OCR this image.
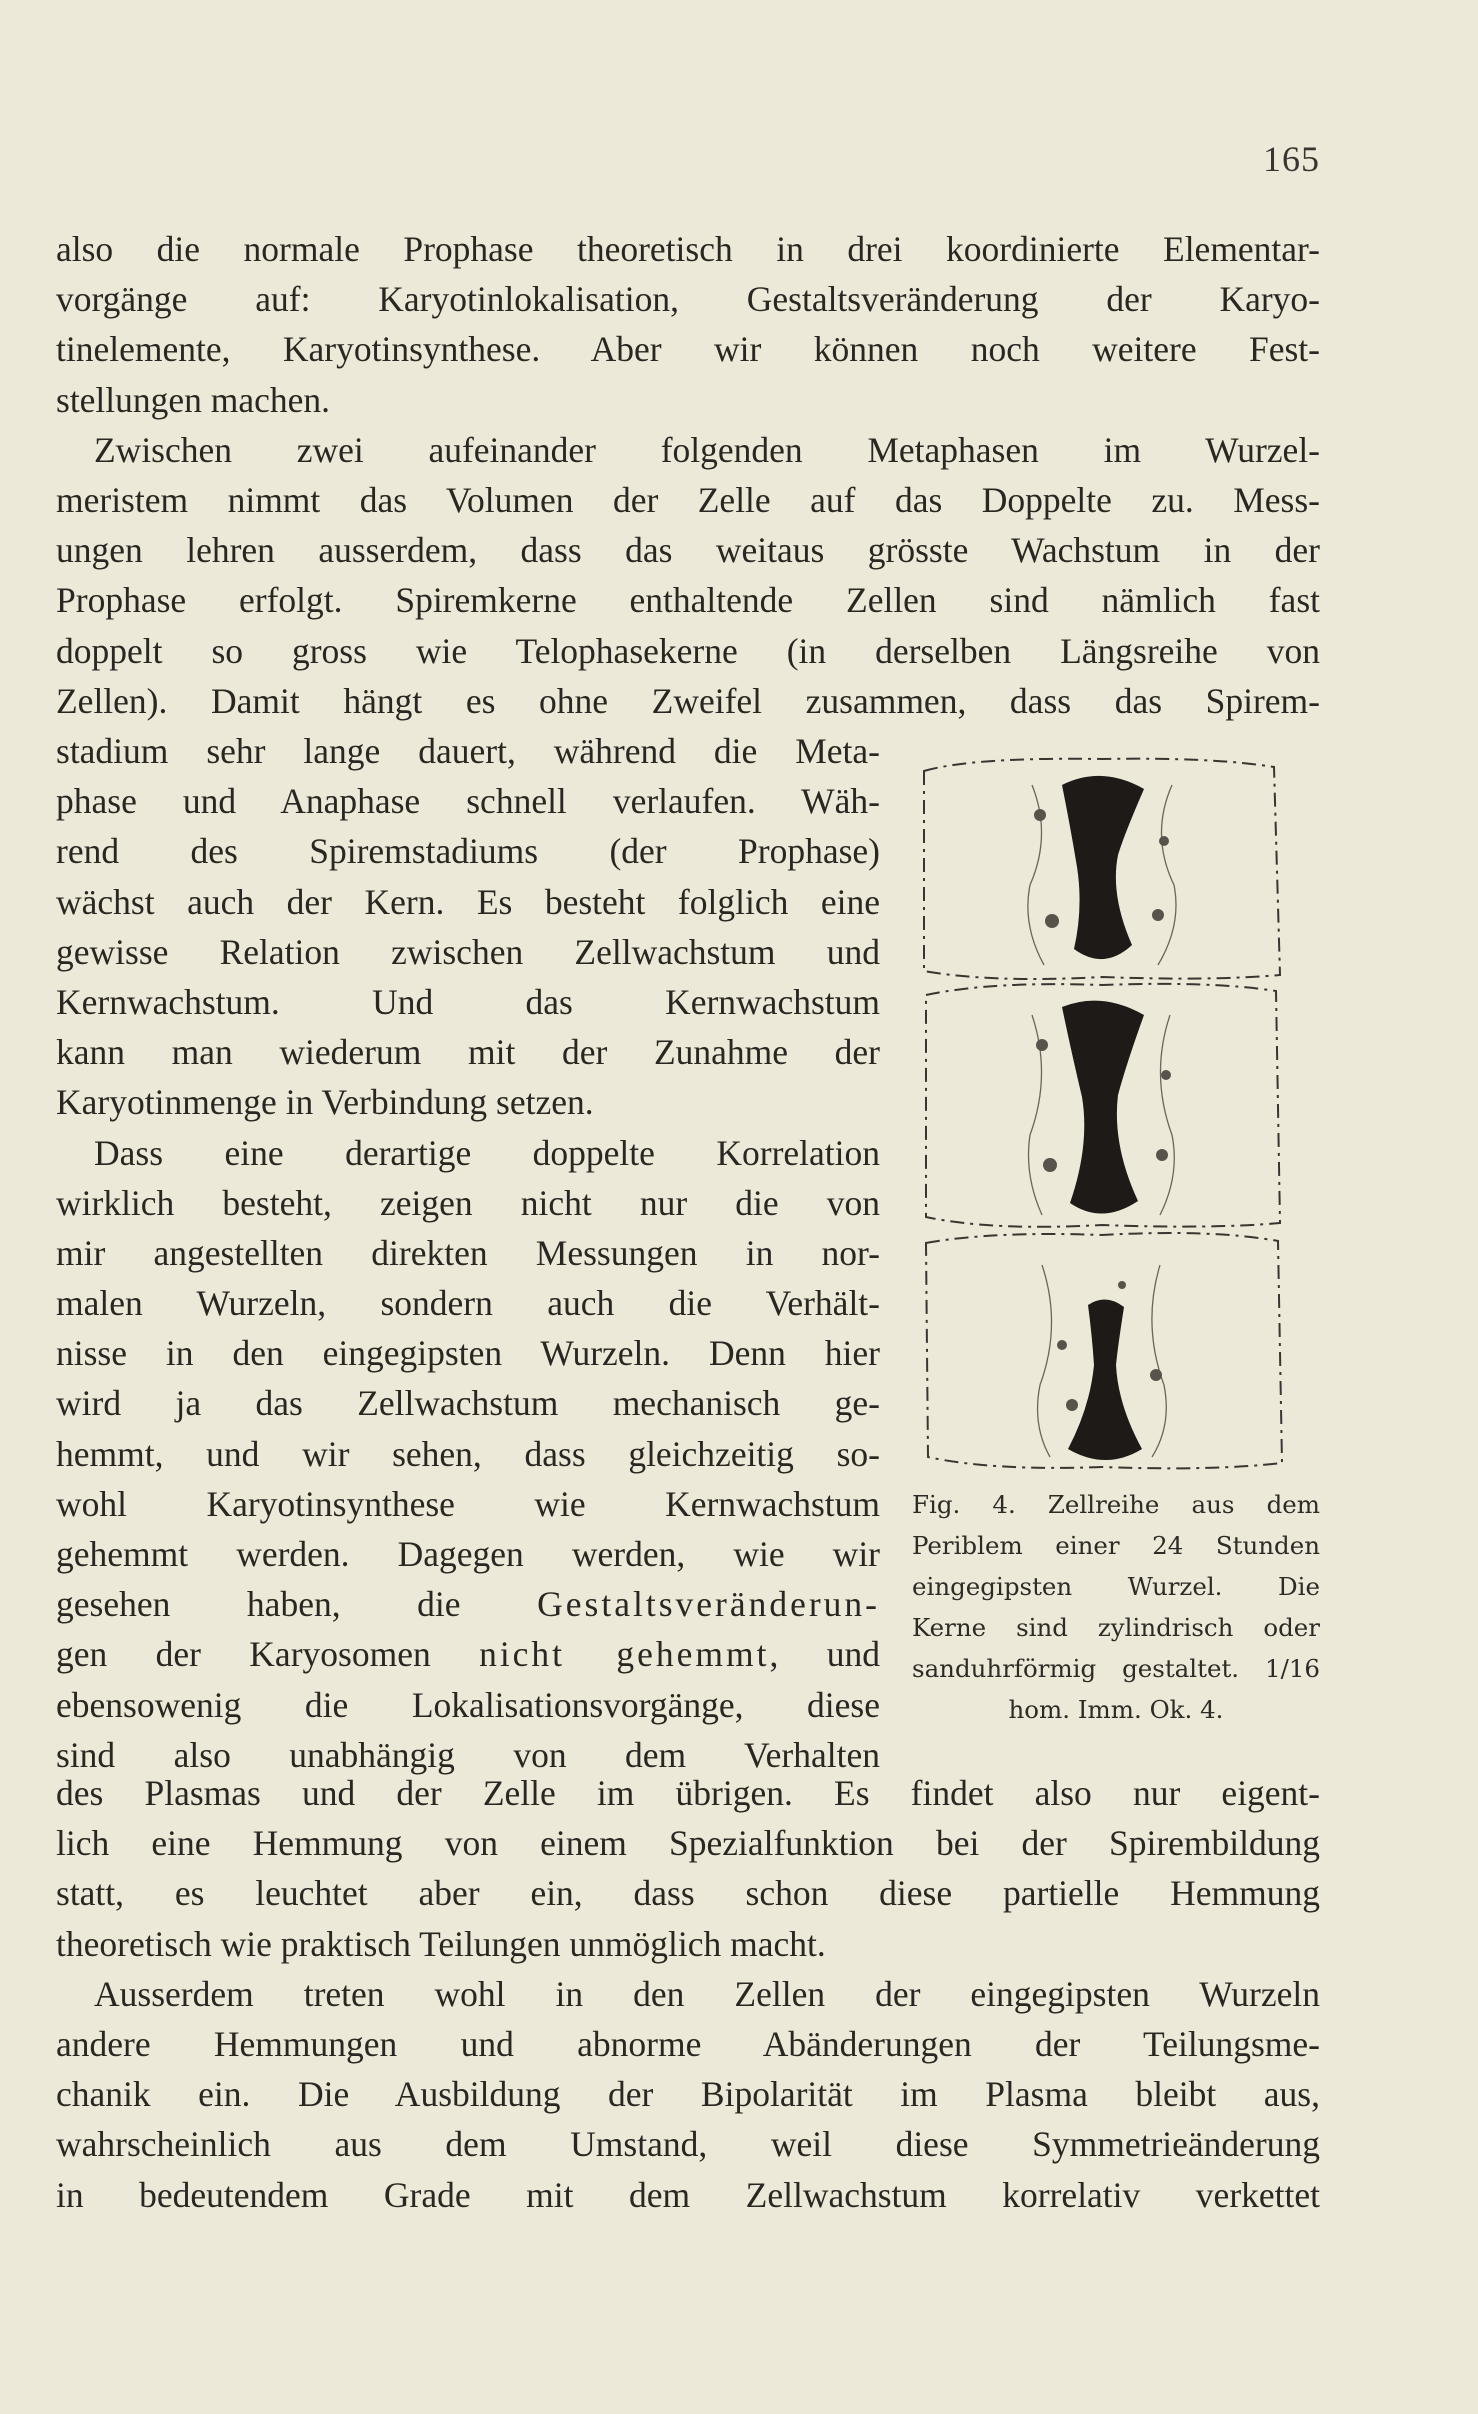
165
also die normale Prophase theoretisch in drei koordinierte Elementar-
vorgänge auf: Karyotinlokalisation, Gestaltsveränderung der Karyo-
tinelemente, Karyotinsynthese. Aber wir können noch weitere Fest-
stellungen machen.
Zwischen zwei aufeinander folgenden Metaphasen im Wurzel-
meristem nimmt das Volumen der Zelle auf das Doppelte zu. Mess-
ungen lehren ausserdem, dass das weitaus grösste Wachstum in der
Prophase erfolgt. Spiremkerne enthaltende Zellen sind nämlich fast
doppelt so gross wie Telophasekerne (in derselben Längsreihe von
Zellen). Damit hängt es ohne Zweifel zusammen, dass das Spirem-
stadium sehr lange dauert, während die Meta-
phase und Anaphase schnell verlaufen. Wäh-
rend des Spiremstadiums (der Prophase)
wächst auch der Kern. Es besteht folglich eine
gewisse Relation zwischen Zellwachstum und
Kernwachstum. Und das Kernwachstum
kann man wiederum mit der Zunahme der
Karyotinmenge in Verbindung setzen.
Dass eine derartige doppelte Korrelation
wirklich besteht, zeigen nicht nur die von
mir angestellten direkten Messungen in nor-
malen Wurzeln, sondern auch die Verhält-
nisse in den eingegipsten Wurzeln. Denn hier
wird ja das Zellwachstum mechanisch ge-
hemmt, und wir sehen, dass gleichzeitig so-
wohl Karyotinsynthese wie Kernwachstum
gehemmt werden. Dagegen werden, wie wir
gesehen haben, die Gestaltsveränderun-
gen der Karyosomen nicht gehemmt, und
ebensowenig die Lokalisationsvorgänge, diese
sind also unabhängig von dem Verhalten
des Plasmas und der Zelle im übrigen. Es findet also nur eigent-
lich eine Hemmung von einem Spezialfunktion bei der Spirembildung
statt, es leuchtet aber ein, dass schon diese partielle Hemmung
theoretisch wie praktisch Teilungen unmöglich macht.
Ausserdem treten wohl in den Zellen der eingegipsten Wurzeln
andere Hemmungen und abnorme Abänderungen der Teilungsme-
chanik ein. Die Ausbildung der Bipolarität im Plasma bleibt aus,
wahrscheinlich aus dem Umstand, weil diese Symmetrieänderung
in bedeutendem Grade mit dem Zellwachstum korrelativ verkettet
Fig. 4. Zellreihe aus dem
Periblem einer 24 Stunden
eingegipsten Wurzel. Die
Kerne sind zylindrisch oder
sanduhrförmig gestaltet. 1/16
hom. Imm. Ok. 4.
